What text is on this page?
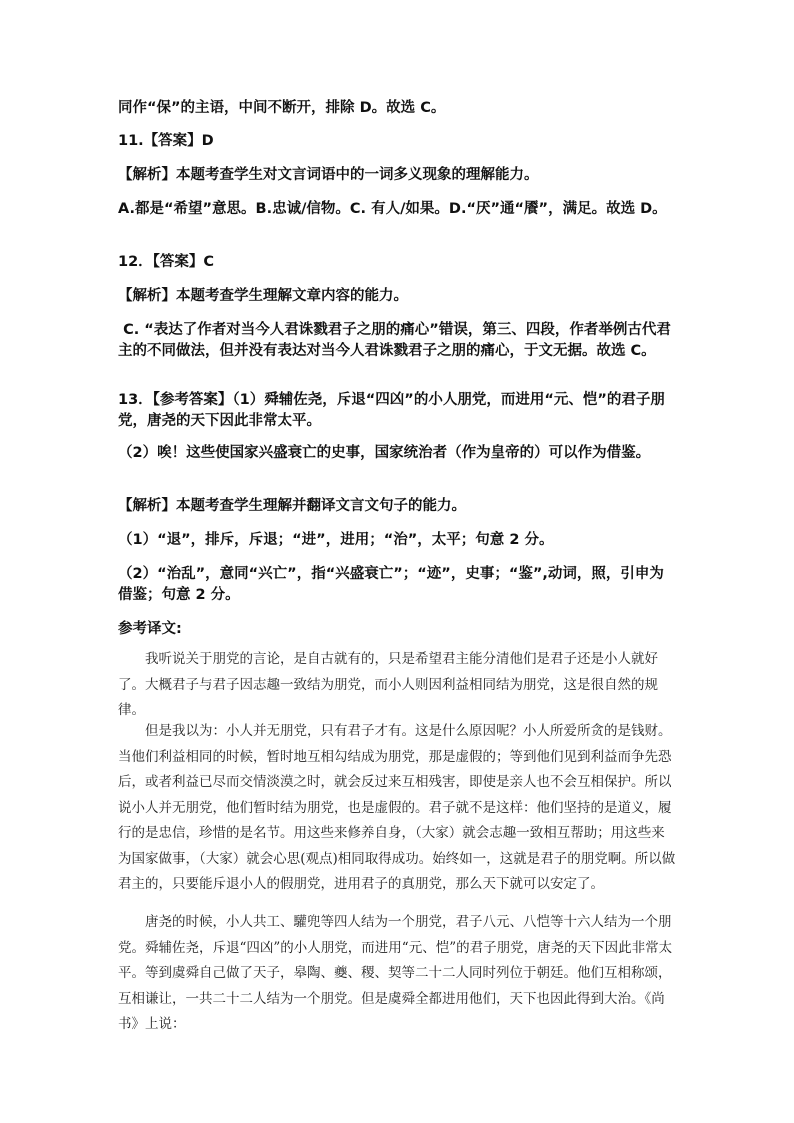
同作“保”的主语，中间不断开，排除 D。故选 C。

11.【答案】D

【解析】本题考查学生对文言词语中的一词多义现象的理解能力。

A.都是“希望”意思。B.忠诚/信物。C. 有人/如果。D.“厌”通“餍”，满足。故选 D。

12．【答案】C

【解析】本题考查学生理解文章内容的能力。

C. “表达了作者对当今人君诛戮君子之朋的痛心”错误，第三、四段，作者举例古代君主的不同做法，但并没有表达对当今人君诛戮君子之朋的痛心，于文无据。故选 C。

13．【参考答案】（1）舜辅佐尧，斥退“四凶”的小人朋党，而进用“元、恺”的君子朋党，唐尧的天下因此非常太平。

（2）唉！这些使国家兴盛衰亡的史事，国家统治者（作为皇帝的）可以作为借鉴。

【解析】本题考查学生理解并翻译文言文句子的能力。

（1）“退”，排斥，斥退；“进”，进用；“治”，太平；句意 2 分。

（2）“治乱”，意同“兴亡”，指“兴盛衰亡”；“迹”，史事；“鉴”,动词，照，引申为借鉴；句意 2 分。

参考译文:

我听说关于朋党的言论，是自古就有的，只是希望君主能分清他们是君子还是小人就好了。大概君子与君子因志趣一致结为朋党，而小人则因利益相同结为朋党，这是很自然的规律。

但是我以为：小人并无朋党，只有君子才有。这是什么原因呢？小人所爱所贪的是钱财。当他们利益相同的时候，暂时地互相勾结成为朋党，那是虚假的；等到他们见到利益而争先恐后，或者利益已尽而交情淡漠之时，就会反过来互相残害，即使是亲人也不会互相保护。所以说小人并无朋党，他们暂时结为朋党，也是虚假的。君子就不是这样：他们坚持的是道义，履行的是忠信，珍惜的是名节。用这些来修养自身，（大家）就会志趣一致相互帮助；用这些来为国家做事，（大家）就会心思(观点)相同取得成功。始终如一，这就是君子的朋党啊。所以做君主的，只要能斥退小人的假朋党，进用君子的真朋党，那么天下就可以安定了。

唐尧的时候，小人共工、驩兜等四人结为一个朋党，君子八元、八恺等十六人结为一个朋党。舜辅佐尧，斥退“四凶”的小人朋党，而进用“元、恺”的君子朋党，唐尧的天下因此非常太平。等到虞舜自己做了天子，皋陶、夔、稷、契等二十二人同时列位于朝廷。他们互相称颂，互相谦让，一共二十二人结为一个朋党。但是虞舜全都进用他们，天下也因此得到大治。《尚书》上说：
